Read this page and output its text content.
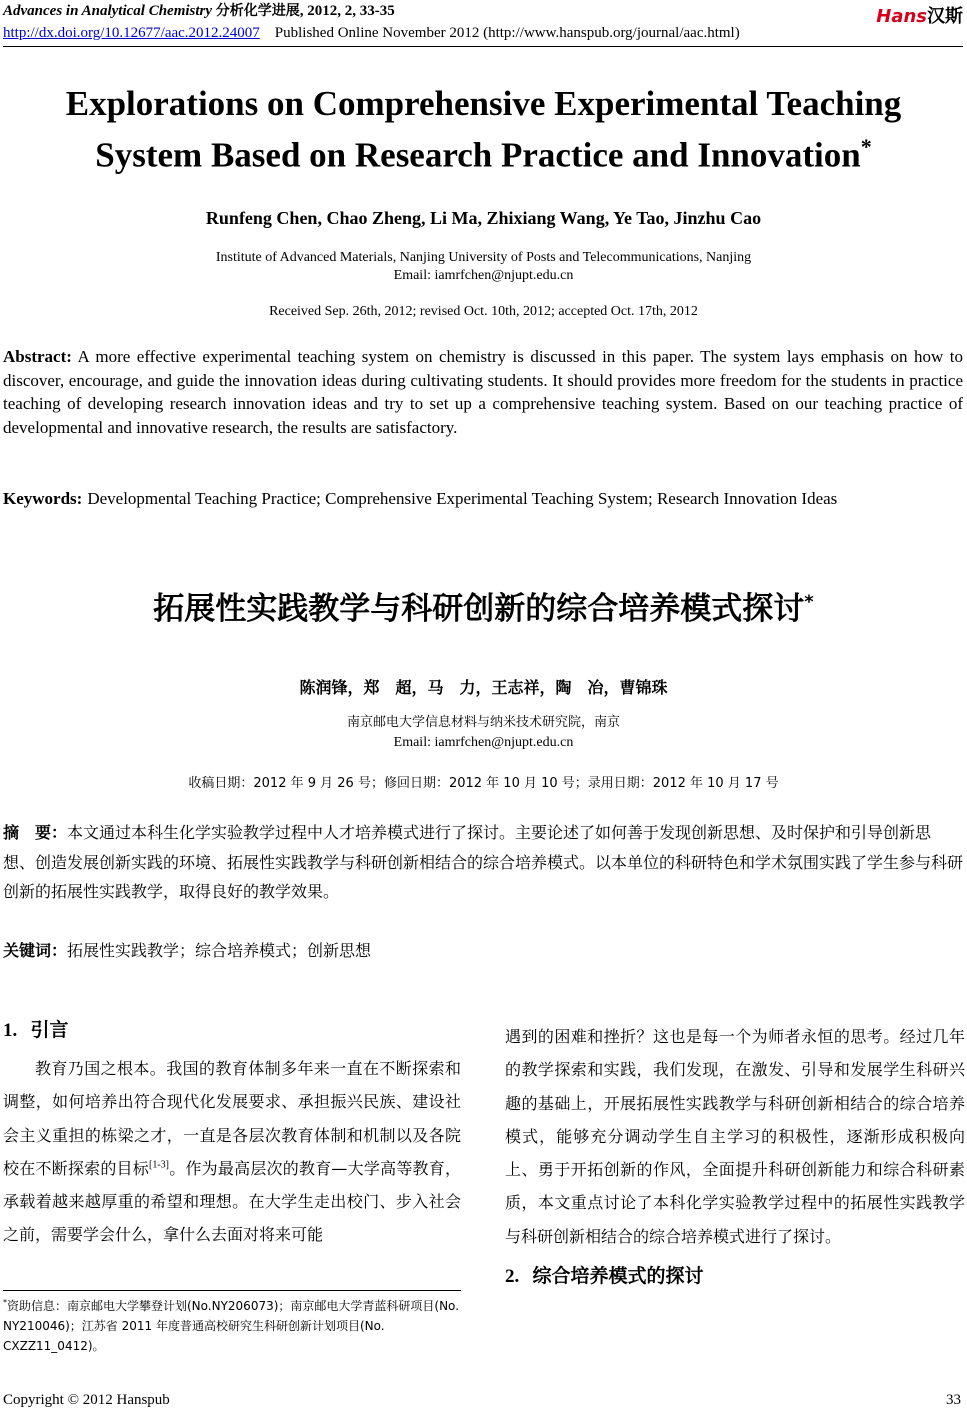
Advances in Analytical Chemistry 分析化学进展, 2012, 2, 33-35	Hans汉斯
http://dx.doi.org/10.12677/aac.2012.24007 Published Online November 2012 (http://www.hanspub.org/journal/aac.html)
Explorations on Comprehensive Experimental Teaching
System Based on Research Practice and Innovation*
Runfeng Chen, Chao Zheng, Li Ma, Zhixiang Wang, Ye Tao, Jinzhu Cao
Institute of Advanced Materials, Nanjing University of Posts and Telecommunications, Nanjing
Email: iamrfchen@njupt.edu.cn
Received Sep. 26th, 2012; revised Oct. 10th, 2012; accepted Oct. 17th, 2012
Abstract: A more effective experimental teaching system on chemistry is discussed in this paper. The system lays emphasis on how to discover, encourage, and guide the innovation ideas during cultivating students. It should provides more freedom for the students in practice teaching of developing research innovation ideas and try to set up a comprehensive teaching system. Based on our teaching practice of developmental and innovative research, the results are satisfactory.
Keywords: Developmental Teaching Practice; Comprehensive Experimental Teaching System; Research Innovation Ideas
拓展性实践教学与科研创新的综合培养模式探讨*
陈润锋，郑　超，马　力，王志祥，陶　冶，曹锦珠
南京邮电大学信息材料与纳米技术研究院，南京
Email: iamrfchen@njupt.edu.cn
收稿日期：2012 年 9 月 26 号；修回日期：2012 年 10 月 10 号；录用日期：2012 年 10 月 17 号
摘　要：本文通过本科生化学实验教学过程中人才培养模式进行了探讨。主要论述了如何善于发现创新思想、及时保护和引导创新思想、创造发展创新实践的环境、拓展性实践教学与科研创新相结合的综合培养模式。以本单位的科研特色和学术氛围实践了学生参与科研创新的拓展性实践教学，取得良好的教学效果。
关键词：拓展性实践教学；综合培养模式；创新思想
1. 引言
教育乃国之根本。我国的教育体制多年来一直在不断探索和调整，如何培养出符合现代化发展要求、承担振兴民族、建设社会主义重担的栋梁之才，一直是各层次教育体制和机制以及各院校在不断探索的目标[1-3]。作为最高层次的教育—大学高等教育，承载着越来越厚重的希望和理想。在大学生走出校门、步入社会之前，需要学会什么，拿什么去面对将来可能
遇到的困难和挫折？这也是每一个为师者永恒的思考。经过几年的教学探索和实践，我们发现，在激发、引导和发展学生科研兴趣的基础上，开展拓展性实践教学与科研创新相结合的综合培养模式，能够充分调动学生自主学习的积极性，逐渐形成积极向上、勇于开拓创新的作风，全面提升科研创新能力和综合科研素质，本文重点讨论了本科化学实验教学过程中的拓展性实践教学与科研创新相结合的综合培养模式进行了探讨。
2. 综合培养模式的探讨
*资助信息：南京邮电大学攀登计划(No.NY206073)；南京邮电大学青蓝科研项目(No. NY210046)；江苏省 2011 年度普通高校研究生科研创新计划项目(No. CXZZ11_0412)。
Copyright © 2012 Hanspub	33
